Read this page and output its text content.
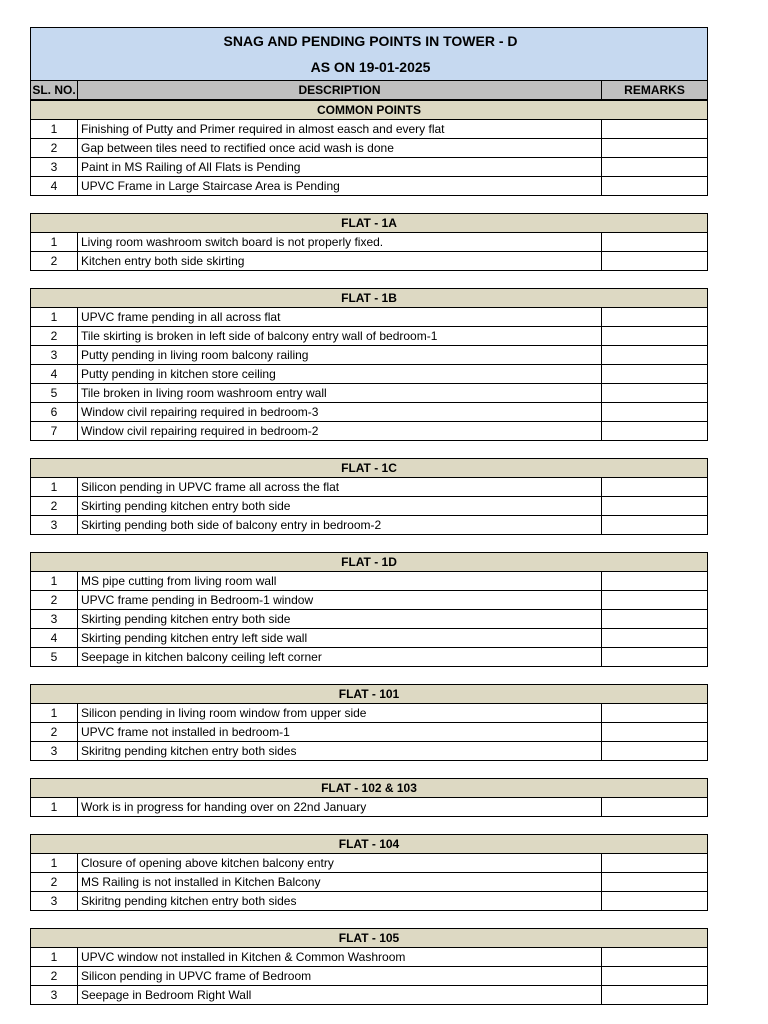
SNAG AND PENDING POINTS IN TOWER - D
AS ON 19-01-2025
SL. NO.	DESCRIPTION	REMARKS
COMMON POINTS		
1	Finishing of Putty and Primer required in almost easch and every flat	
2	Gap between tiles need to rectified once acid wash is done	
3	Paint in MS Railing of All Flats is Pending	
4	UPVC Frame in Large Staircase Area is Pending	
FLAT - 1A		
1	Living room washroom switch board is not properly fixed.	
2	Kitchen entry both side skirting	
FLAT - 1B		
1	UPVC frame pending in all across flat	
2	Tile skirting is broken in left side of balcony entry wall of bedroom-1	
3	Putty pending in living room balcony railing	
4	Putty pending in kitchen store ceiling	
5	Tile broken in living room washroom entry wall	
6	Window civil repairing required in bedroom-3	
7	Window civil repairing required in bedroom-2	
FLAT - 1C		
1	Silicon pending in UPVC frame all across the flat	
2	Skirting pending kitchen entry both side	
3	Skirting pending both side of balcony entry in bedroom-2	
FLAT - 1D		
1	MS pipe cutting from living room wall	
2	UPVC frame pending in Bedroom-1 window	
3	Skirting pending kitchen entry both side	
4	Skirting pending kitchen entry left side wall	
5	Seepage in kitchen balcony ceiling left corner	
FLAT - 101		
1	Silicon pending in living room window from upper side	
2	UPVC frame not installed in bedroom-1	
3	Skiritng pending kitchen entry both sides	
FLAT - 102 & 103
1	Work is in progress for handing over on 22nd January	
FLAT - 104		
1	Closure of opening above kitchen balcony entry	
2	MS Railing is not installed in Kitchen Balcony	
3	Skiritng pending kitchen entry both sides	
FLAT - 105		
1	UPVC window not installed in Kitchen & Common Washroom	
2	Silicon pending in UPVC frame of Bedroom	
3	Seepage in Bedroom Right Wall	
